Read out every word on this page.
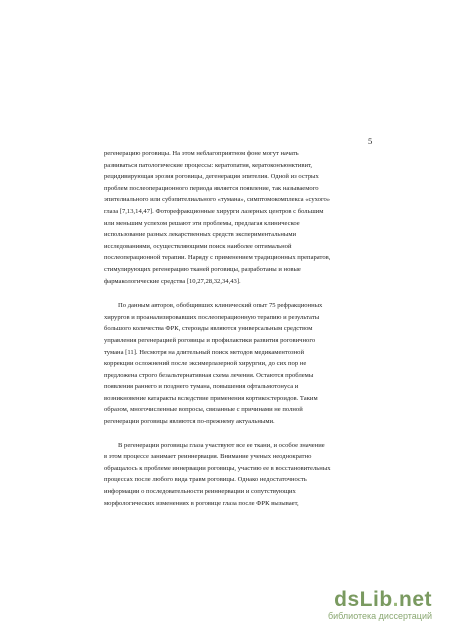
5

регенерацию роговицы. На этом неблагоприятном фоне могут начать
развиваться патологические процессы: кератопатия, кератоконъюнктивит,
рецидивирующая эрозия роговицы, дегенерация эпителия. Одной из острых
проблем послеоперационного периода является появление, так называемого
эпителиального или субэпителиального «тумана», симптомокомплекса «сухого»
глаза [7,13,14,47]. Фоторефракционные хирурги лазерных центров с большим
или меньшим успехом решают эти проблемы, предлагая клиническое
использование разных лекарственных средств экспериментальными
исследованиями, осуществляющими поиск наиболее оптимальной
послеоперационной терапии. Наряду с применением традиционных препаратов,
стимулирующих регенерацию тканей роговицы, разработаны и новые
фармакологические средства [10,27,28,32,34,43].

По данным авторов, обобщивших клинический опыт 75 рефракционных
хирургов и проанализировавших послеоперационную терапию и результаты
большого количества ФРК, стероиды являются универсальным средством
управления регенерацией роговицы и профилактики развития роговичного
тумана [11]. Несмотря на длительный поиск методов медикаментозной
коррекции осложнений после эксимерлазерной хирургии, до сих пор не
предложена строго безальтернативная схема лечения. Остаются проблемы
появления раннего и позднего тумана, повышения офтальмотонуса и
возникновение катаракты вследствие применения кортикостероидов. Таким
образом, многочисленные вопросы, связанные с причинами не полной
регенерации роговицы являются по-прежнему актуальными.

В регенерации роговицы глаза участвуют все ее ткани, и особое значение
в этом процессе занимает реиннервация. Внимание ученых неоднократно
обращалось к проблеме иннервации роговицы, участию ее в восстановительных
процессах после любого вида травм роговицы. Однако недостаточность
информации о последовательности реиннервации и сопутствующих
морфологических изменениях в роговице глаза после ФРК вызывает,

dsLib.net
библиотека диссертаций
